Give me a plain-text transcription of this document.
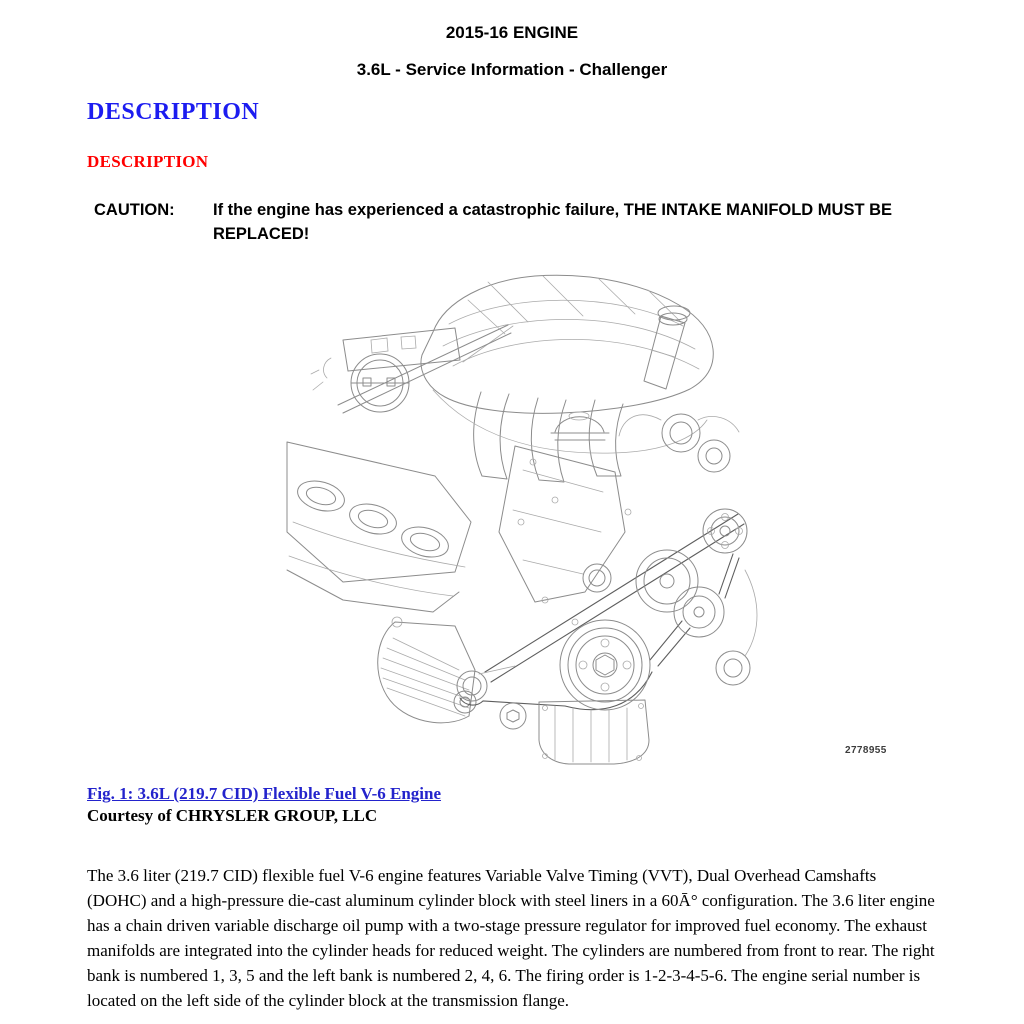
2015-16 ENGINE
3.6L - Service Information - Challenger
DESCRIPTION
DESCRIPTION
CAUTION:	If the engine has experienced a catastrophic failure, THE INTAKE MANIFOLD MUST BE REPLACED!
2778955
Fig. 1: 3.6L (219.7 CID) Flexible Fuel V-6 Engine
Courtesy of CHRYSLER GROUP, LLC

The 3.6 liter (219.7 CID) flexible fuel V-6 engine features Variable Valve Timing (VVT), Dual Overhead Camshafts (DOHC) and a high-pressure die-cast aluminum cylinder block with steel liners in a 60Ā° configuration. The 3.6 liter engine has a chain driven variable discharge oil pump with a two-stage pressure regulator for improved fuel economy. The exhaust manifolds are integrated into the cylinder heads for reduced weight. The cylinders are numbered from front to rear. The right bank is numbered 1, 3, 5 and the left bank is numbered 2, 4, 6. The firing order is 1-2-3-4-5-6. The engine serial number is located on the left side of the cylinder block at the transmission flange.
